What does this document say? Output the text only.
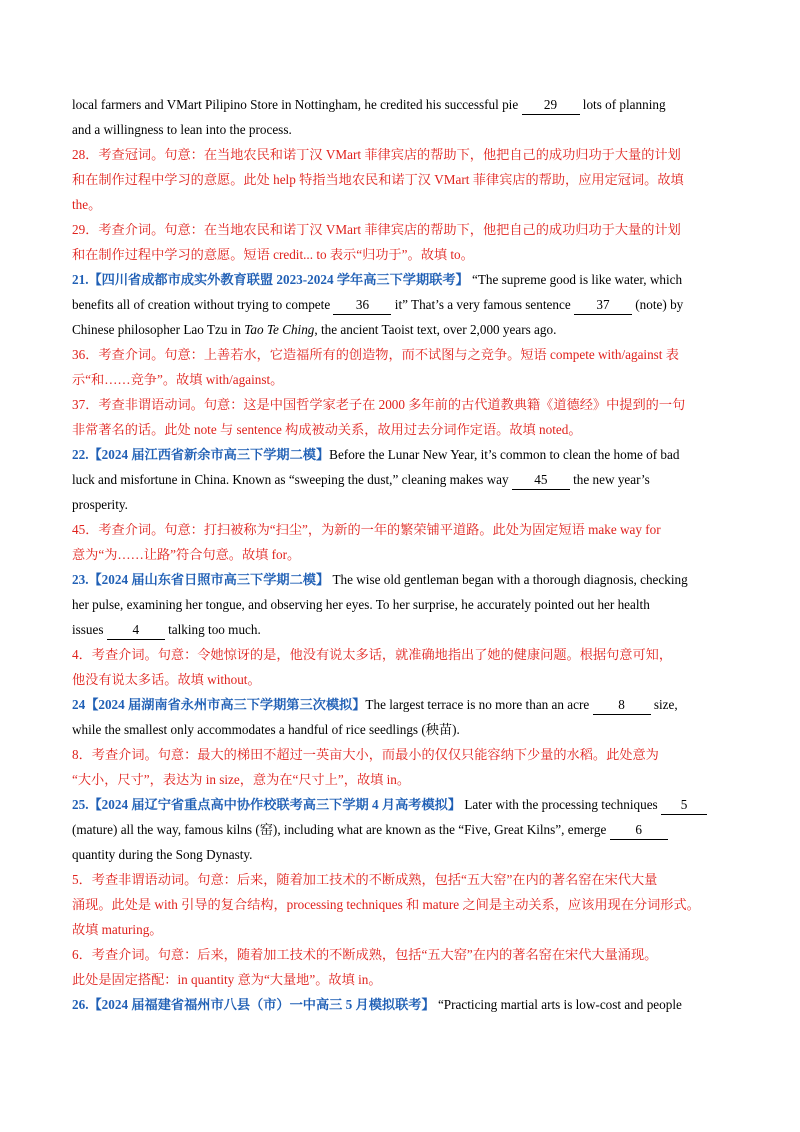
local farmers and VMart Pilipino Store in Nottingham, he credited his successful pie 29 lots of planning

and a willingness to lean into the process.

28．考查冠词。句意：在当地农民和诺丁汉 VMart 菲律宾店的帮助下，他把自己的成功归功于大量的计划

和在制作过程中学习的意愿。此处 help 特指当地农民和诺丁汉 VMart 菲律宾店的帮助，应用定冠词。故填

the。

29．考查介词。句意：在当地农民和诺丁汉 VMart 菲律宾店的帮助下，他把自己的成功归功于大量的计划

和在制作过程中学习的意愿。短语 credit... to 表示“归功于”。故填 to。

21.【四川省成都市成实外教育联盟 2023-2024 学年高三下学期联考】 “The supreme good is like water, which

benefits all of creation without trying to compete 36 it” That’s a very famous sentence 37 (note) by

Chinese philosopher Lao Tzu in Tao Te Ching, the ancient Taoist text, over 2,000 years ago.

36．考查介词。句意：上善若水，它造福所有的创造物，而不试图与之竞争。短语 compete with/against 表

示“和……竞争”。故填 with/against。

37．考查非谓语动词。句意：这是中国哲学家老子在 2000 多年前的古代道教典籍《道德经》中提到的一句

非常著名的话。此处 note 与 sentence 构成被动关系，故用过去分词作定语。故填 noted。

22.【2024 届江西省新余市高三下学期二模】Before the Lunar New Year, it’s common to clean the home of bad

luck and misfortune in China. Known as “sweeping the dust,” cleaning makes way 45 the new year’s

prosperity.

45．考查介词。句意：打扫被称为“扫尘”，为新的一年的繁荣铺平道路。此处为固定短语 make way for

意为“为……让路”符合句意。故填 for。

23.【2024 届山东省日照市高三下学期二模】 The wise old gentleman began with a thorough diagnosis, checking

her pulse, examining her tongue, and observing her eyes. To her surprise, he accurately pointed out her health

issues 4 talking too much.

4．考查介词。句意：令她惊讶的是，他没有说太多话，就准确地指出了她的健康问题。根据句意可知，

他没有说太多话。故填 without。

24【2024 届湖南省永州市高三下学期第三次模拟】The largest terrace is no more than an acre 8 size,

while the smallest only accommodates a handful of rice seedlings (秧苗).

8．考查介词。句意：最大的梯田不超过一英亩大小，而最小的仅仅只能容纳下少量的水稻。此处意为

“大小，尺寸”，表达为 in size，意为在“尺寸上”，故填 in。

25.【2024 届辽宁省重点高中协作校联考高三下学期 4 月高考模拟】 Later with the processing techniques 5

(mature) all the way, famous kilns (窑), including what are known as the “Five, Great Kilns”, emerge 6

quantity during the Song Dynasty.

5．考查非谓语动词。句意：后来，随着加工技术的不断成熟，包括“五大窑”在内的著名窑在宋代大量

涌现。此处是 with 引导的复合结构，processing techniques 和 mature 之间是主动关系，应该用现在分词形式。

故填 maturing。

6．考查介词。句意：后来，随着加工技术的不断成熟，包括“五大窑”在内的著名窑在宋代大量涌现。

此处是固定搭配：in quantity 意为“大量地”。故填 in。

26.【2024 届福建省福州市八县（市）一中高三 5 月模拟联考】 “Practicing martial arts is low-cost and people
